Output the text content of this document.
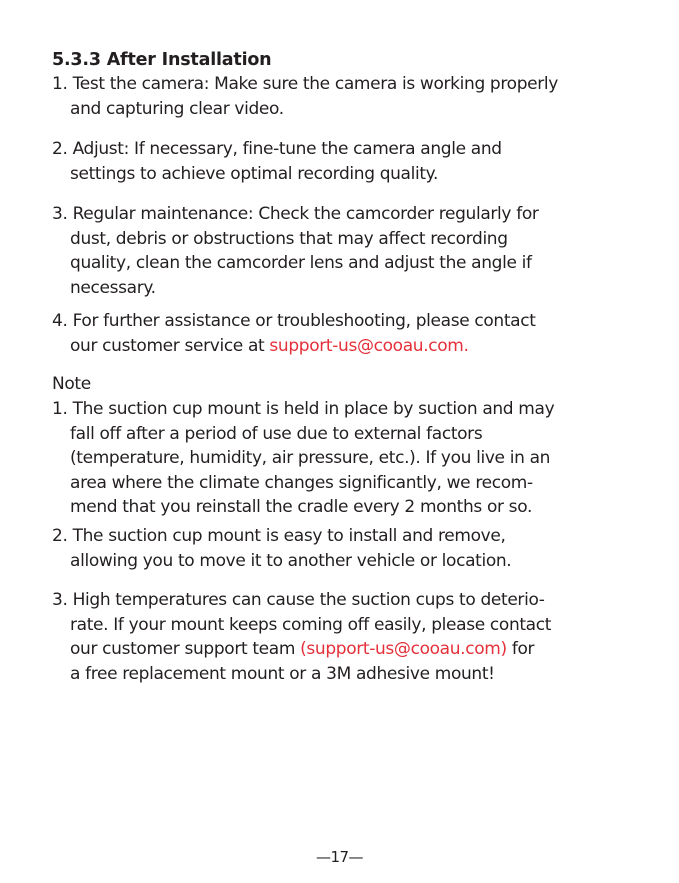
5.3.3 After Installation
1. Test the camera: Make sure the camera is working properly
and capturing clear video.
2. Adjust: If necessary, fine-tune the camera angle and
settings to achieve optimal recording quality.
3. Regular maintenance: Check the camcorder regularly for
dust, debris or obstructions that may affect recording
quality, clean the camcorder lens and adjust the angle if
necessary.
4. For further assistance or troubleshooting, please contact
our customer service at support-us@cooau.com.
Note
1. The suction cup mount is held in place by suction and may
fall off after a period of use due to external factors
(temperature, humidity, air pressure, etc.). If you live in an
area where the climate changes significantly, we recom-
mend that you reinstall the cradle every 2 months or so.
2. The suction cup mount is easy to install and remove,
allowing you to move it to another vehicle or location.
3. High temperatures can cause the suction cups to deterio-
rate. If your mount keeps coming off easily, please contact
our customer support team (support-us@cooau.com) for
a free replacement mount or a 3M adhesive mount!
—17—
